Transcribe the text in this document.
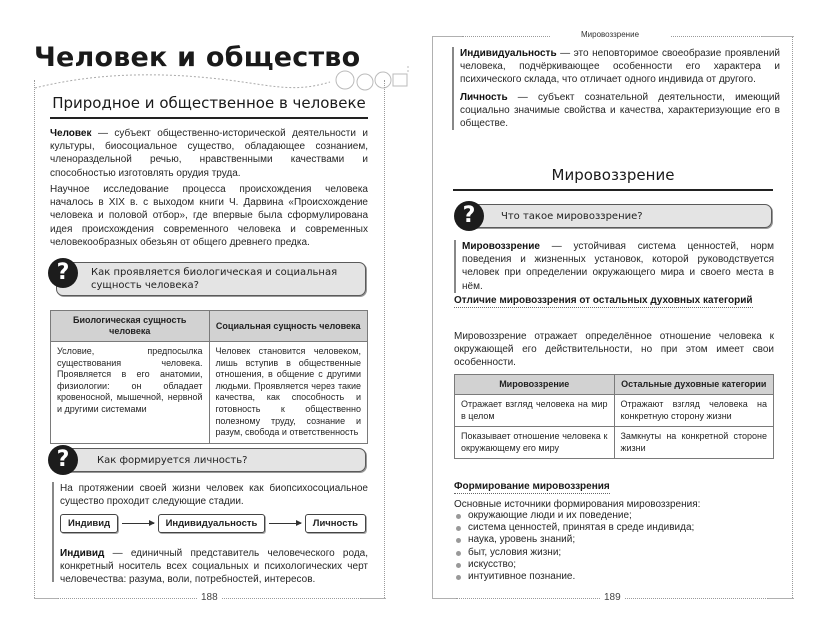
Человек и общество
188
Природное и общественное в человеке
Человек — субъект общественно-исторической деятельности и культуры, биосоциальное существо, обладающее сознанием, членораздельной речью, нравственными качествами и способностью изготовлять орудия труда.
Научное исследование процесса происхождения человека началось в XIX в. с выходом книги Ч. Дарвина «Происхождение человека и половой отбор», где впервые была сформулирована идея происхождения современного человека и современных человекообразных обезьян от общего древнего предка.
Как проявляется биологическая и социальная сущность человека?
?
Биологическая сущность человека	Социальная сущность человека
Условие, предпосылка существования человека. Проявляется в его анатомии, физиологии: он обладает кровеносной, мышечной, нервной и другими системами	Человек становится человеком, лишь вступив в общественные отношения, в общение с другими людьми. Проявляется через такие качества, как способность и готовность к общественно полезному труду, сознание и разум, свобода и ответственность
Как формируется личность?
?
На протяжении своей жизни человек как биопсихосоциальное существо проходит следующие стадии.
Индивид	Индивидуальность	Личность
Индивид — единичный представитель человеческого рода, конкретный носитель всех социальных и психологических черт человечества: разума, воли, потребностей, интересов.
Мировоззрение
189
Индивидуальность — это неповторимое своеобразие проявлений человека, подчёркивающее особенности его характера и психического склада, что отличает одного индивида от другого.
Личность — субъект сознательной деятельности, имеющий социально значимые свойства и качества, характеризующие его в обществе.
Мировоззрение
Что такое мировоззрение?
?
Мировоззрение — устойчивая система ценностей, норм поведения и жизненных установок, которой руководствуется человек при определении окружающего мира и своего места в нём.
Отличие мировоззрения от остальных духовных категорий
Мировоззрение отражает определённое отношение человека к окружающей его действительности, но при этом имеет свои особенности.
Мировоззрение	Остальные духовные категории
Отражает взгляд человека на мир в целом	Отражают взгляд человека на конкретную сторону жизни
Показывает отношение человека к окружающему его миру	Замкнуты на конкретной стороне жизни
Формирование мировоззрения
Основные источники формирования мировоззрения:
окружающие люди и их поведение;
система ценностей, принятая в среде индивида;
наука, уровень знаний;
быт, условия жизни;
искусство;
интуитивное познание.
